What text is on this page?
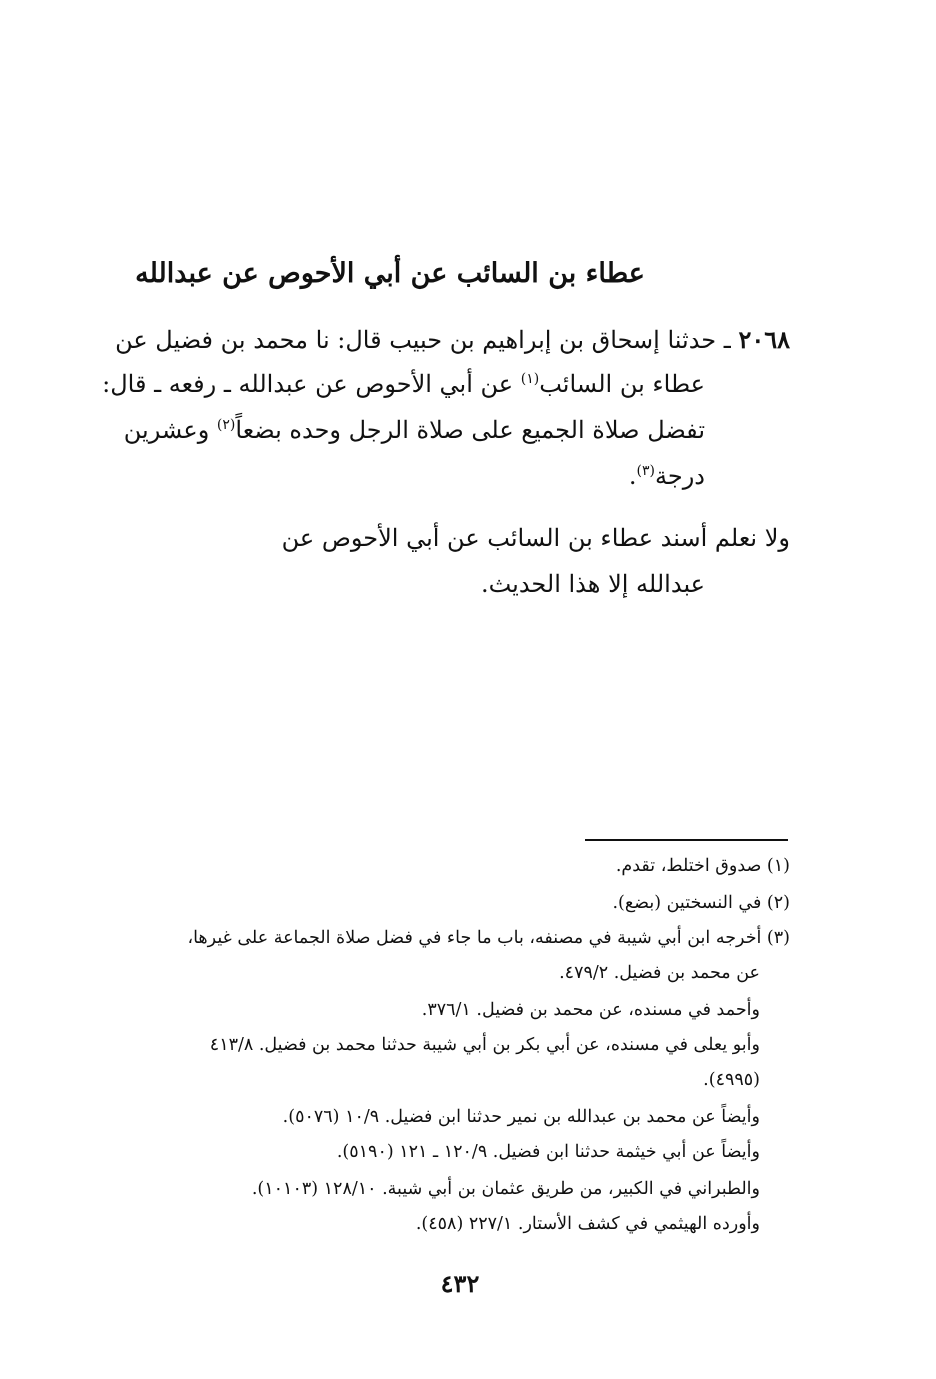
عطاء بن السائب عن أبي الأحوص عن عبدالله
٢٠٦٨ ـ حدثنا إسحاق بن إبراهيم بن حبيب قال: نا محمد بن فضيل عن
عطاء بن السائب$^{(١)}$ عن أبي الأحوص عن عبدالله ـ رفعه ـ قال:
تفضل صلاة الجميع على صلاة الرجل وحده بضعاً$^{(٢)}$ وعشرين
درجة$^{(٣)}$.
ولا نعلم أسند عطاء بن السائب عن أبي الأحوص عن
عبدالله إلا هذا الحديث.
(١) صدوق اختلط، تقدم.
(٢) في النسختين (بضع).
(٣) أخرجه ابن أبي شيبة في مصنفه، باب ما جاء في فضل صلاة الجماعة على غيرها،
عن محمد بن فضيل. ٤٧٩/٢.
وأحمد في مسنده، عن محمد بن فضيل. ٣٧٦/١.
وأبو يعلى في مسنده، عن أبي بكر بن أبي شيبة حدثنا محمد بن فضيل. ٤١٣/٨
(٤٩٩٥).
وأيضاً عن محمد بن عبدالله بن نمير حدثنا ابن فضيل. ١٠/٩ (٥٠٧٦).
وأيضاً عن أبي خيثمة حدثنا ابن فضيل. ١٢٠/٩ ـ ١٢١ (٥١٩٠).
والطبراني في الكبير، من طريق عثمان بن أبي شيبة. ١٢٨/١٠ (١٠١٠٣).
وأورده الهيثمي في كشف الأستار. ٢٢٧/١ (٤٥٨).
٤٣٢
